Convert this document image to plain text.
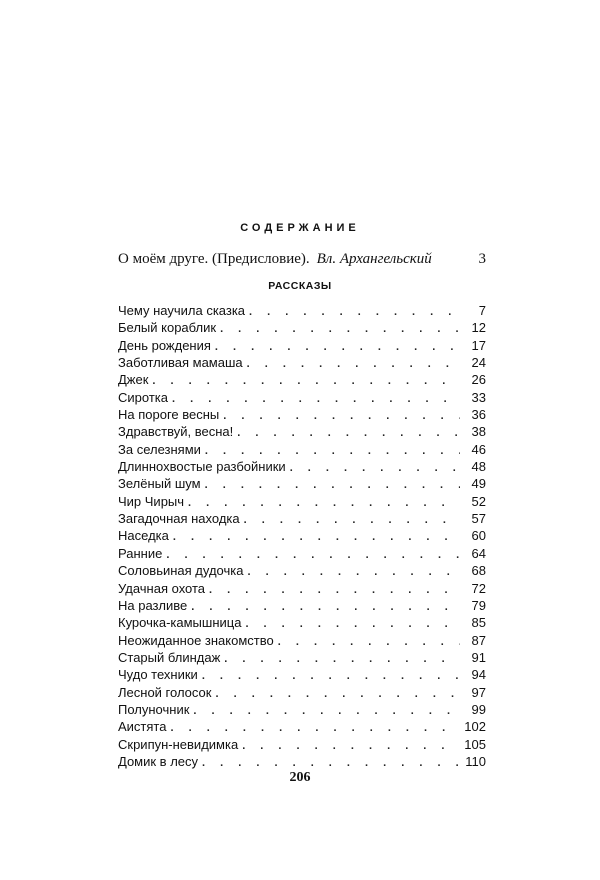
СОДЕРЖАНИЕ
О моём друге. (Предисловие). Вл. Архангельский	3
РАССКАЗЫ
Чему научила сказка . . .	7
Белый кораблик . . .	12
День рождения . . .	17
Заботливая мамаша . . .	24
Джек . . .	26
Сиротка . . .	33
На пороге весны . . .	36
Здравствуй, весна! . . .	38
За селезнями . . .	46
Длиннохвостые разбойники . . .	48
Зелёный шум . . .	49
Чир Чирыч . . .	52
Загадочная находка . . .	57
Наседка . . .	60
Ранние . . .	64
Соловьиная дудочка . . .	68
Удачная охота . . .	72
На разливе . . .	79
Курочка-камышница . . .	85
Неожиданное знакомство . . .	87
Старый блиндаж . . .	91
Чудо техники . . .	94
Лесной голосок . . .	97
Полуночник . . .	99
Аистята . . .	102
Скрипун-невидимка . . .	105
Домик в лесу . . .	110
206
